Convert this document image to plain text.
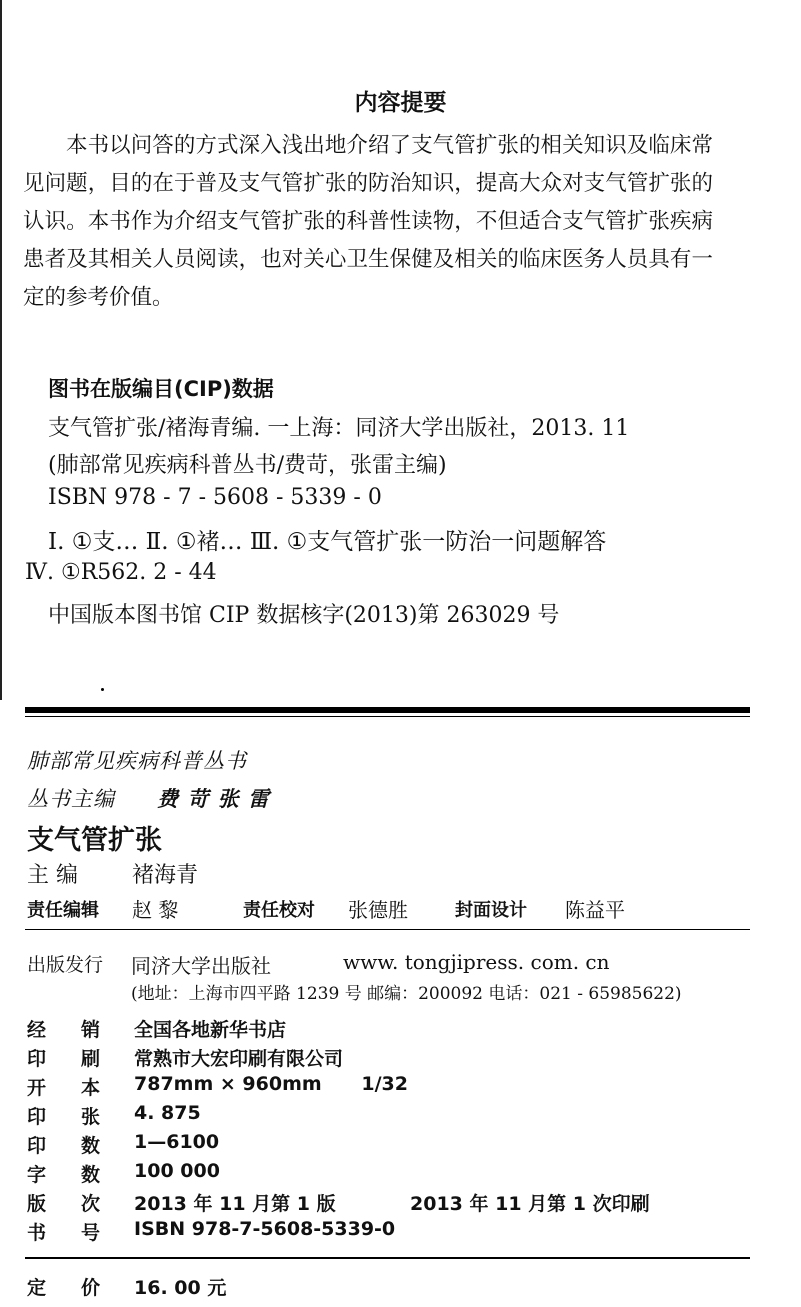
内容提要

本书以问答的方式深入浅出地介绍了支气管扩张的相关知识及临床常见问题，目的在于普及支气管扩张的防治知识，提高大众对支气管扩张的认识。本书作为介绍支气管扩张的科普性读物，不但适合支气管扩张疾病患者及其相关人员阅读，也对关心卫生保健及相关的临床医务人员具有一定的参考价值。

图书在版编目(CIP)数据
支气管扩张/褚海青编. 一上海：同济大学出版社，2013. 11
(肺部常见疾病科普丛书/费苛，张雷主编)
ISBN 978 - 7 - 5608 - 5339 - 0
Ⅰ. ①支… Ⅱ. ①褚… Ⅲ. ①支气管扩张一防治一问题解答
Ⅳ. ①R562. 2 - 44
中国版本图书馆 CIP 数据核字(2013)第 263029 号
肺部常见疾病科普丛书
丛书主编 费 苛 张 雷
支气管扩张
主 编 褚海青
责任编辑 赵 黎	责任校对 张德胜	封面设计 陈益平
出版发行 同济大学出版社	www. tongjipress. com. cn
(地址：上海市四平路 1239 号 邮编：200092 电话：021 - 65985622)
经 销	全国各地新华书店
印 刷	常熟市大宏印刷有限公司
开 本	787mm × 960mm      1/32
印 张	4. 875
印 数	1—6100
字 数	100 000
版 次	2013 年 11 月第 1 版	2013 年 11 月第 1 次印刷
书 号	ISBN 978-7-5608-5339-0
定 价	16. 00 元
